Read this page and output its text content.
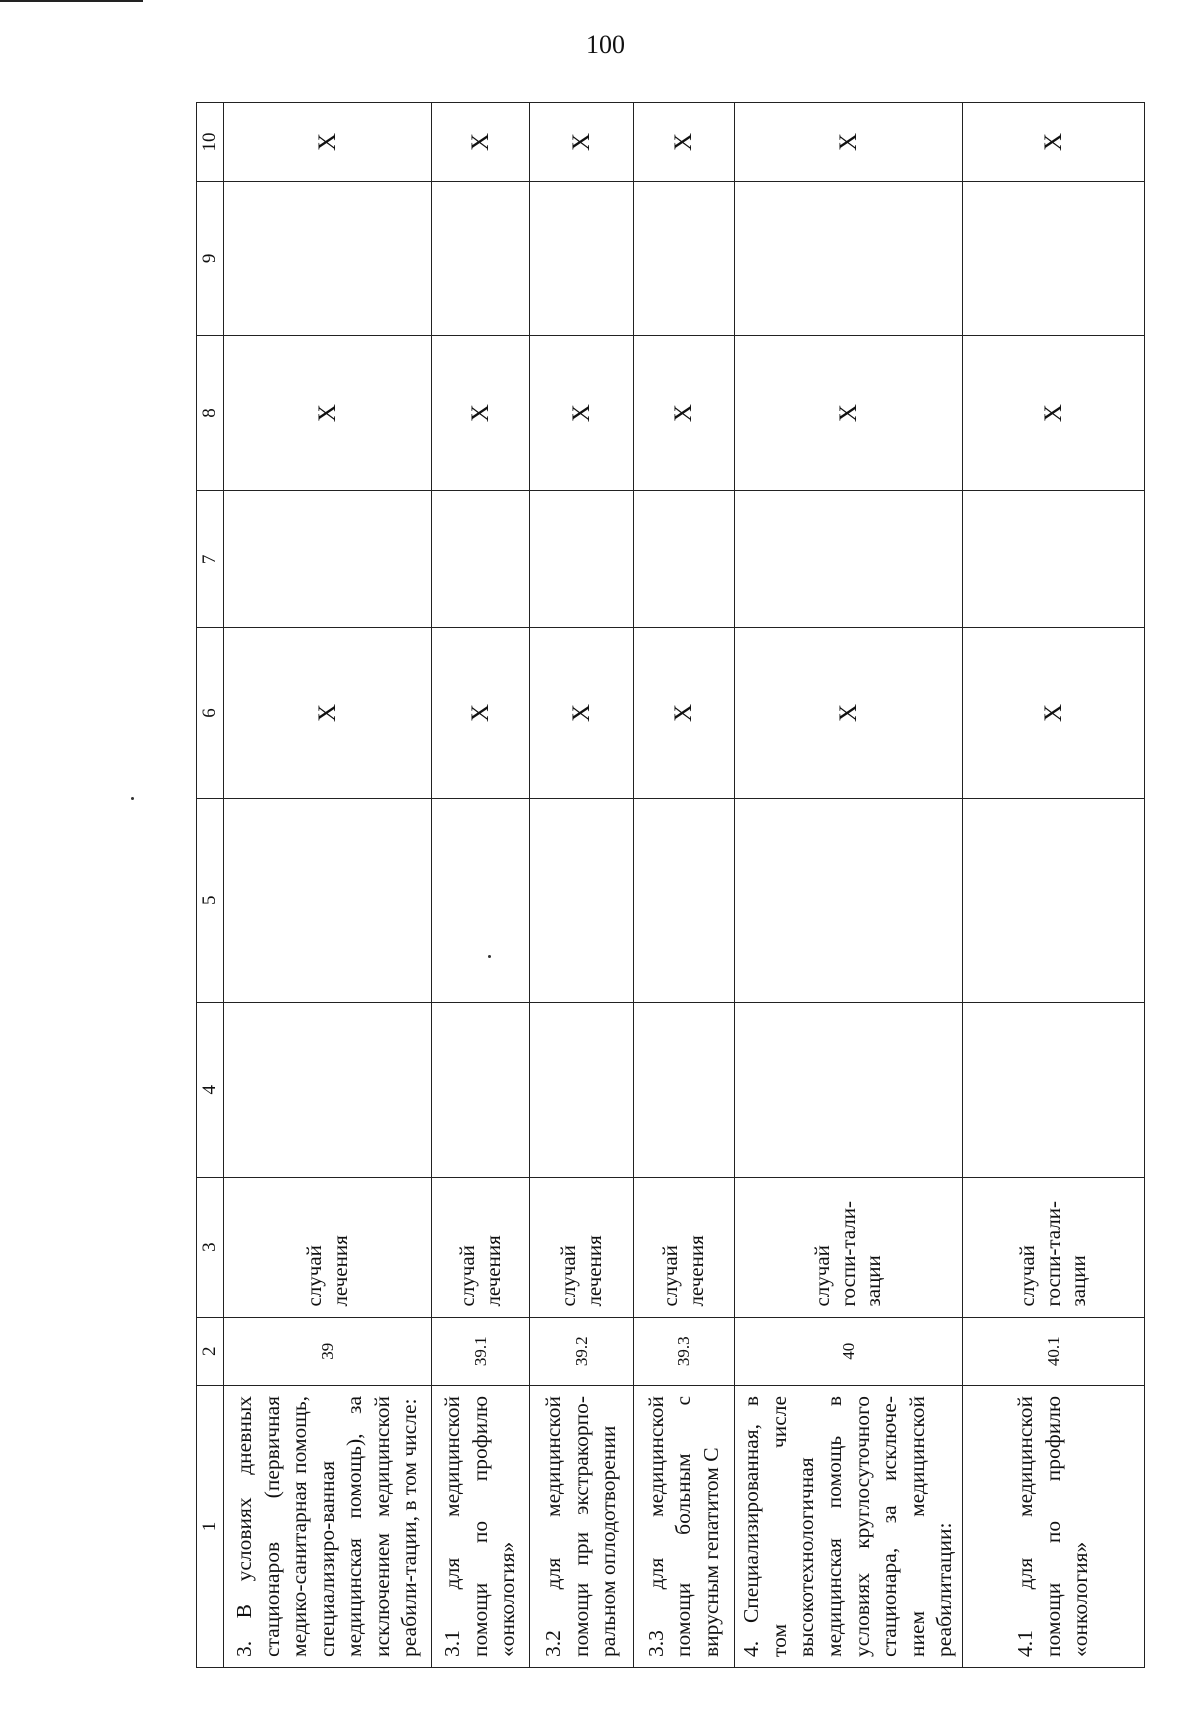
100
1	2	3	4	5	6	7	8	9	10

3. В условиях дневных стационаров (первичная медико-санитарная помощь, специализиро-ванная медицинская помощь), за исключением медицинской реабили-тации, в том числе:	39	случай лечения			X		X		X

3.1 для медицинской помощи по профилю «онкология»	39.1	случай лечения			X		X		X

3.2 для медицинской помощи при экстракорпо-ральном оплодотворении	39.2	случай лечения			X		X		X

3.3 для медицинской помощи больным с вирусным гепатитом С	39.3	случай лечения			X		X		X

4. Специализированная, в том числе высокотехнологичная медицинская помощь в условиях круглосуточного стационара, за исключе-нием медицинской реабилитации:	40	случай госпи-тали-зации			X		X		X

4.1 для медицинской помощи по профилю «онкология»	40.1	случай госпи-тали-зации			X		X		X
